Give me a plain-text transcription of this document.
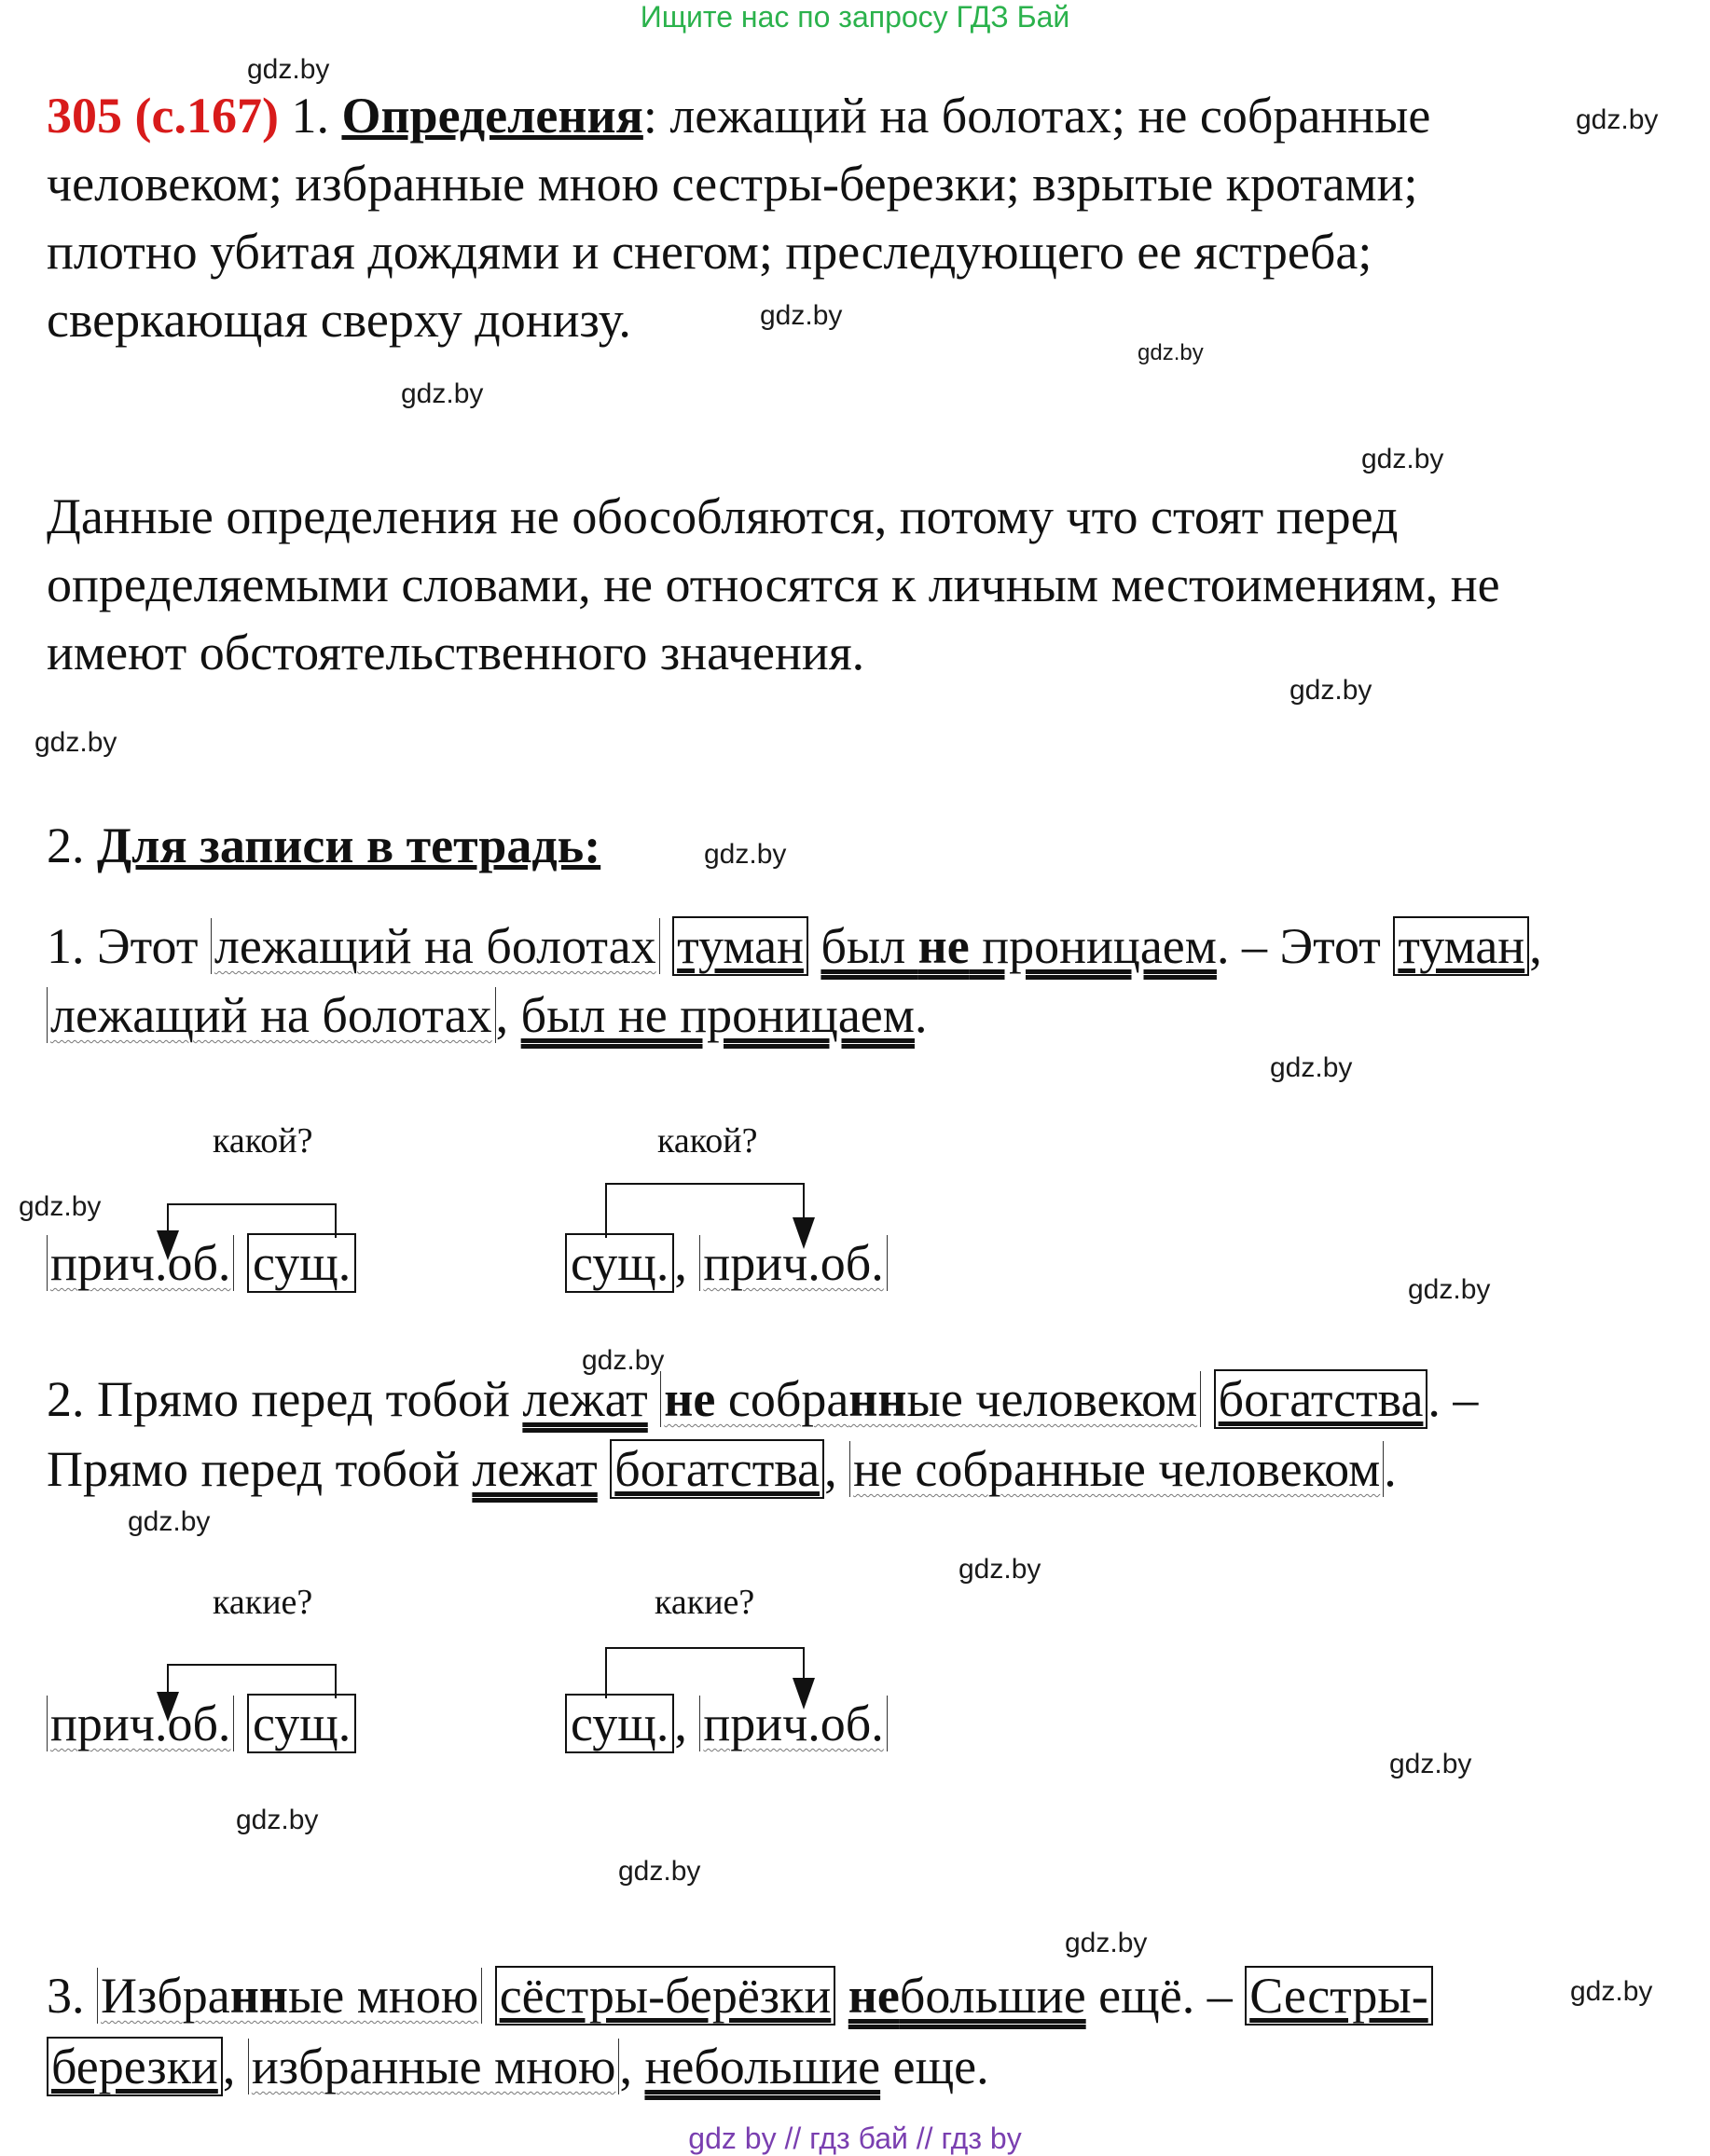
Ищите нас по запросу ГДЗ Бай
gdz.by
gdz.by
gdz.by
gdz.by
gdz.by
gdz.by
gdz.by
gdz.by
gdz.by
gdz.by
gdz.by
gdz.by
gdz.by
gdz.by
gdz.by
gdz.by
gdz.by
gdz.by
gdz.by
gdz.by
305 (с.167) 1. Определения: лежащий на болотах; не собранные
человеком; избранные мною сестры-березки; взрытые кротами;
плотно убитая дождями и снегом; преследующего ее ястреба;
сверкающая сверху донизу.
Данные определения не обособляются, потому что стоят перед
определяемыми словами, не относятся к личным местоимениям, не
имеют обстоятельственного значения.
2. Для записи в тетрадь:
1. Этот лежащий на болотах туман был не проницаем. – Этот туман,
лежащий на болотах, был не проницаем.
какой?	какой?
прич.об. сущ.	сущ. , прич.об.
2. Прямо перед тобой лежат не собранные человеком богатства. –
Прямо перед тобой лежат богатства, не собранные человеком.
какие?	какие?
прич.об. сущ.	сущ. , прич.об.
3. Избранные мною сёстры-берёзки небольшие ещё. – Сестры-
березки, избранные мною, небольшие еще.
gdz by // гдз бай // гдз by
